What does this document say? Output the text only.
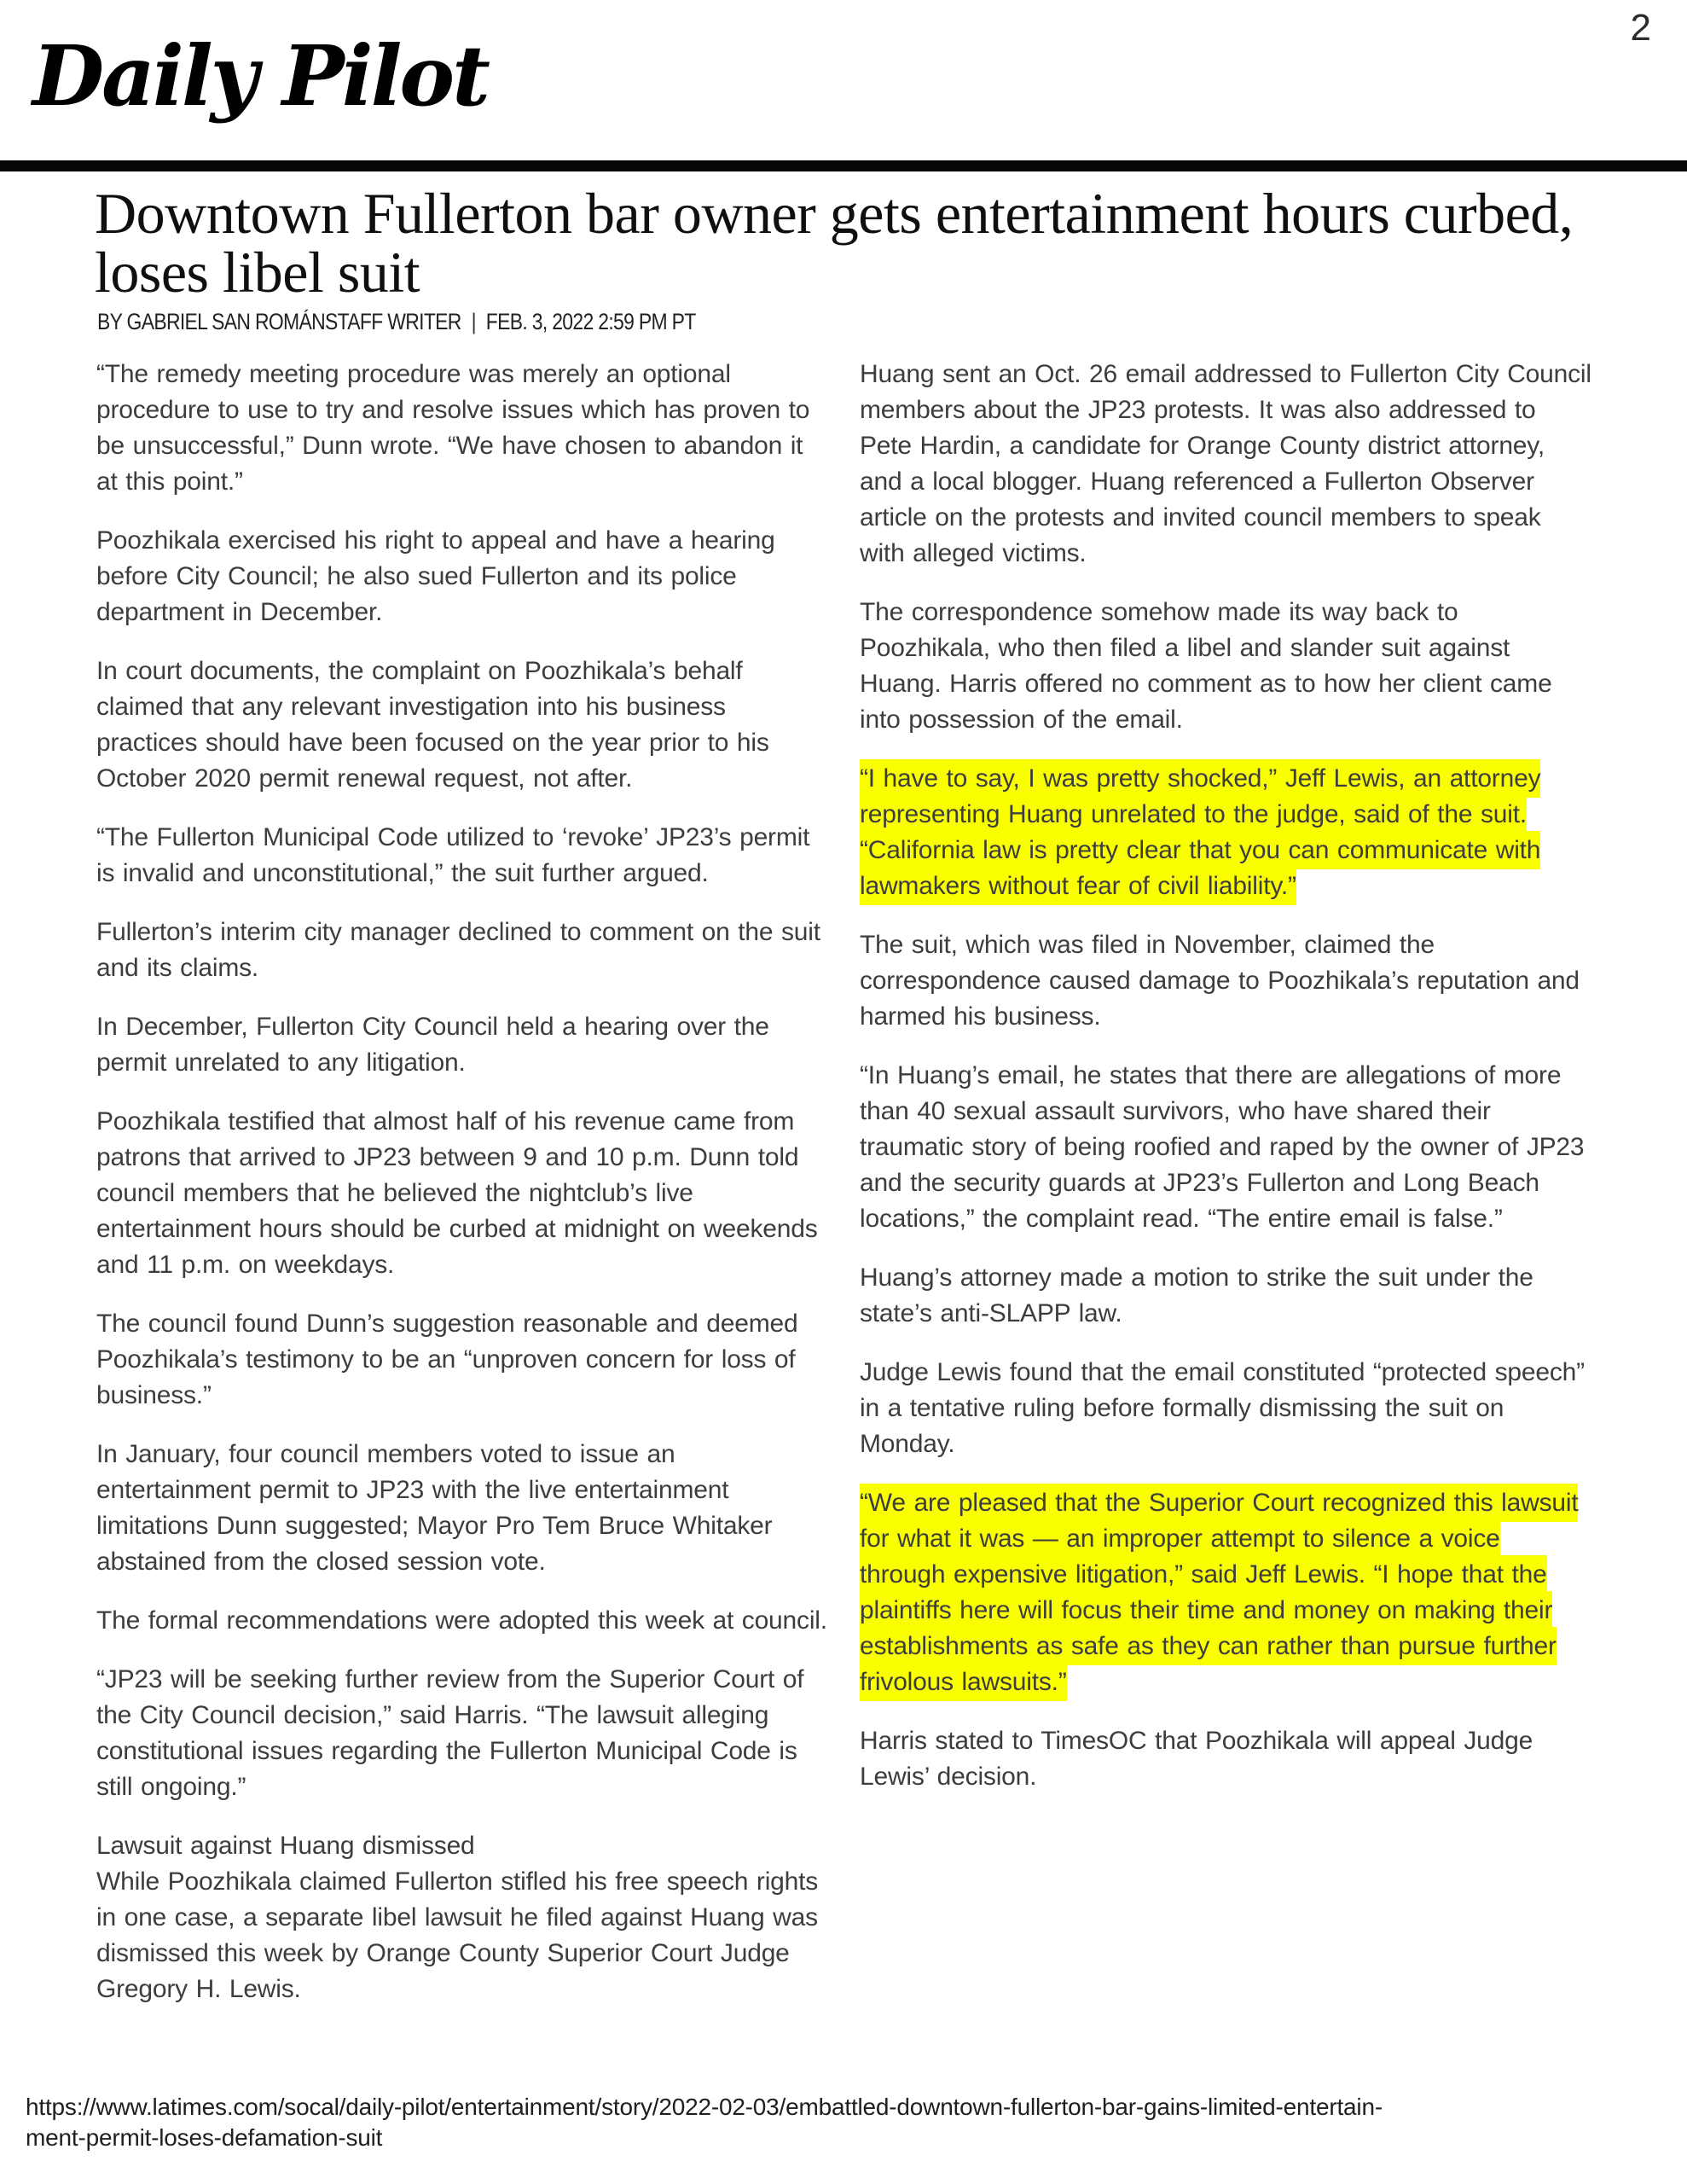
2
Daily Pilot
Downtown Fullerton bar owner gets entertainment hours curbed, loses libel suit
BY GABRIEL SAN ROMÁNSTAFF WRITER | FEB. 3, 2022 2:59 PM PT

“The remedy meeting procedure was merely an optional procedure to use to try and resolve issues which has proven to be unsuccessful,” Dunn wrote. “We have chosen to abandon it at this point.”

Poozhikala exercised his right to appeal and have a hearing before City Council; he also sued Fullerton and its police department in December.

In court documents, the complaint on Poozhikala’s behalf claimed that any relevant investigation into his business practices should have been focused on the year prior to his October 2020 permit renewal request, not after.

“The Fullerton Municipal Code utilized to ‘revoke’ JP23’s permit is invalid and unconstitutional,” the suit further argued.

Fullerton’s interim city manager declined to comment on the suit and its claims.

In December, Fullerton City Council held a hearing over the permit unrelated to any litigation.

Poozhikala testified that almost half of his revenue came from patrons that arrived to JP23 between 9 and 10 p.m. Dunn told council members that he believed the nightclub’s live entertainment hours should be curbed at midnight on weekends and 11 p.m. on weekdays.

The council found Dunn’s suggestion reasonable and deemed Poozhikala’s testimony to be an “unproven concern for loss of business.”

In January, four council members voted to issue an entertainment permit to JP23 with the live entertainment limitations Dunn suggested; Mayor Pro Tem Bruce Whitaker abstained from the closed session vote.

The formal recommendations were adopted this week at council.

“JP23 will be seeking further review from the Superior Court of the City Council decision,” said Harris. “The lawsuit alleging constitutional issues regarding the Fullerton Municipal Code is still ongoing.”

Lawsuit against Huang dismissed
While Poozhikala claimed Fullerton stifled his free speech rights in one case, a separate libel lawsuit he filed against Huang was dismissed this week by Orange County Superior Court Judge Gregory H. Lewis.

Huang sent an Oct. 26 email addressed to Fullerton City Council members about the JP23 protests. It was also addressed to Pete Hardin, a candidate for Orange County district attorney, and a local blogger. Huang referenced a Fullerton Observer article on the protests and invited council members to speak with alleged victims.

The correspondence somehow made its way back to Poozhikala, who then filed a libel and slander suit against Huang. Harris offered no comment as to how her client came into possession of the email.

“I have to say, I was pretty shocked,” Jeff Lewis, an attorney representing Huang unrelated to the judge, said of the suit. “California law is pretty clear that you can communicate with lawmakers without fear of civil liability.”

The suit, which was filed in November, claimed the correspondence caused damage to Poozhikala’s reputation and harmed his business.

“In Huang’s email, he states that there are allegations of more than 40 sexual assault survivors, who have shared their traumatic story of being roofied and raped by the owner of JP23 and the security guards at JP23’s Fullerton and Long Beach locations,” the complaint read. “The entire email is false.”

Huang’s attorney made a motion to strike the suit under the state’s anti-SLAPP law.

Judge Lewis found that the email constituted “protected speech” in a tentative ruling before formally dismissing the suit on Monday.

“We are pleased that the Superior Court recognized this lawsuit for what it was — an improper attempt to silence a voice through expensive litigation,” said Jeff Lewis. “I hope that the plaintiffs here will focus their time and money on making their establishments as safe as they can rather than pursue further frivolous lawsuits.”

Harris stated to TimesOC that Poozhikala will appeal Judge Lewis’ decision.

https://www.latimes.com/socal/daily-pilot/entertainment/story/2022-02-03/embattled-downtown-fullerton-bar-gains-limited-entertain-
ment-permit-loses-defamation-suit
